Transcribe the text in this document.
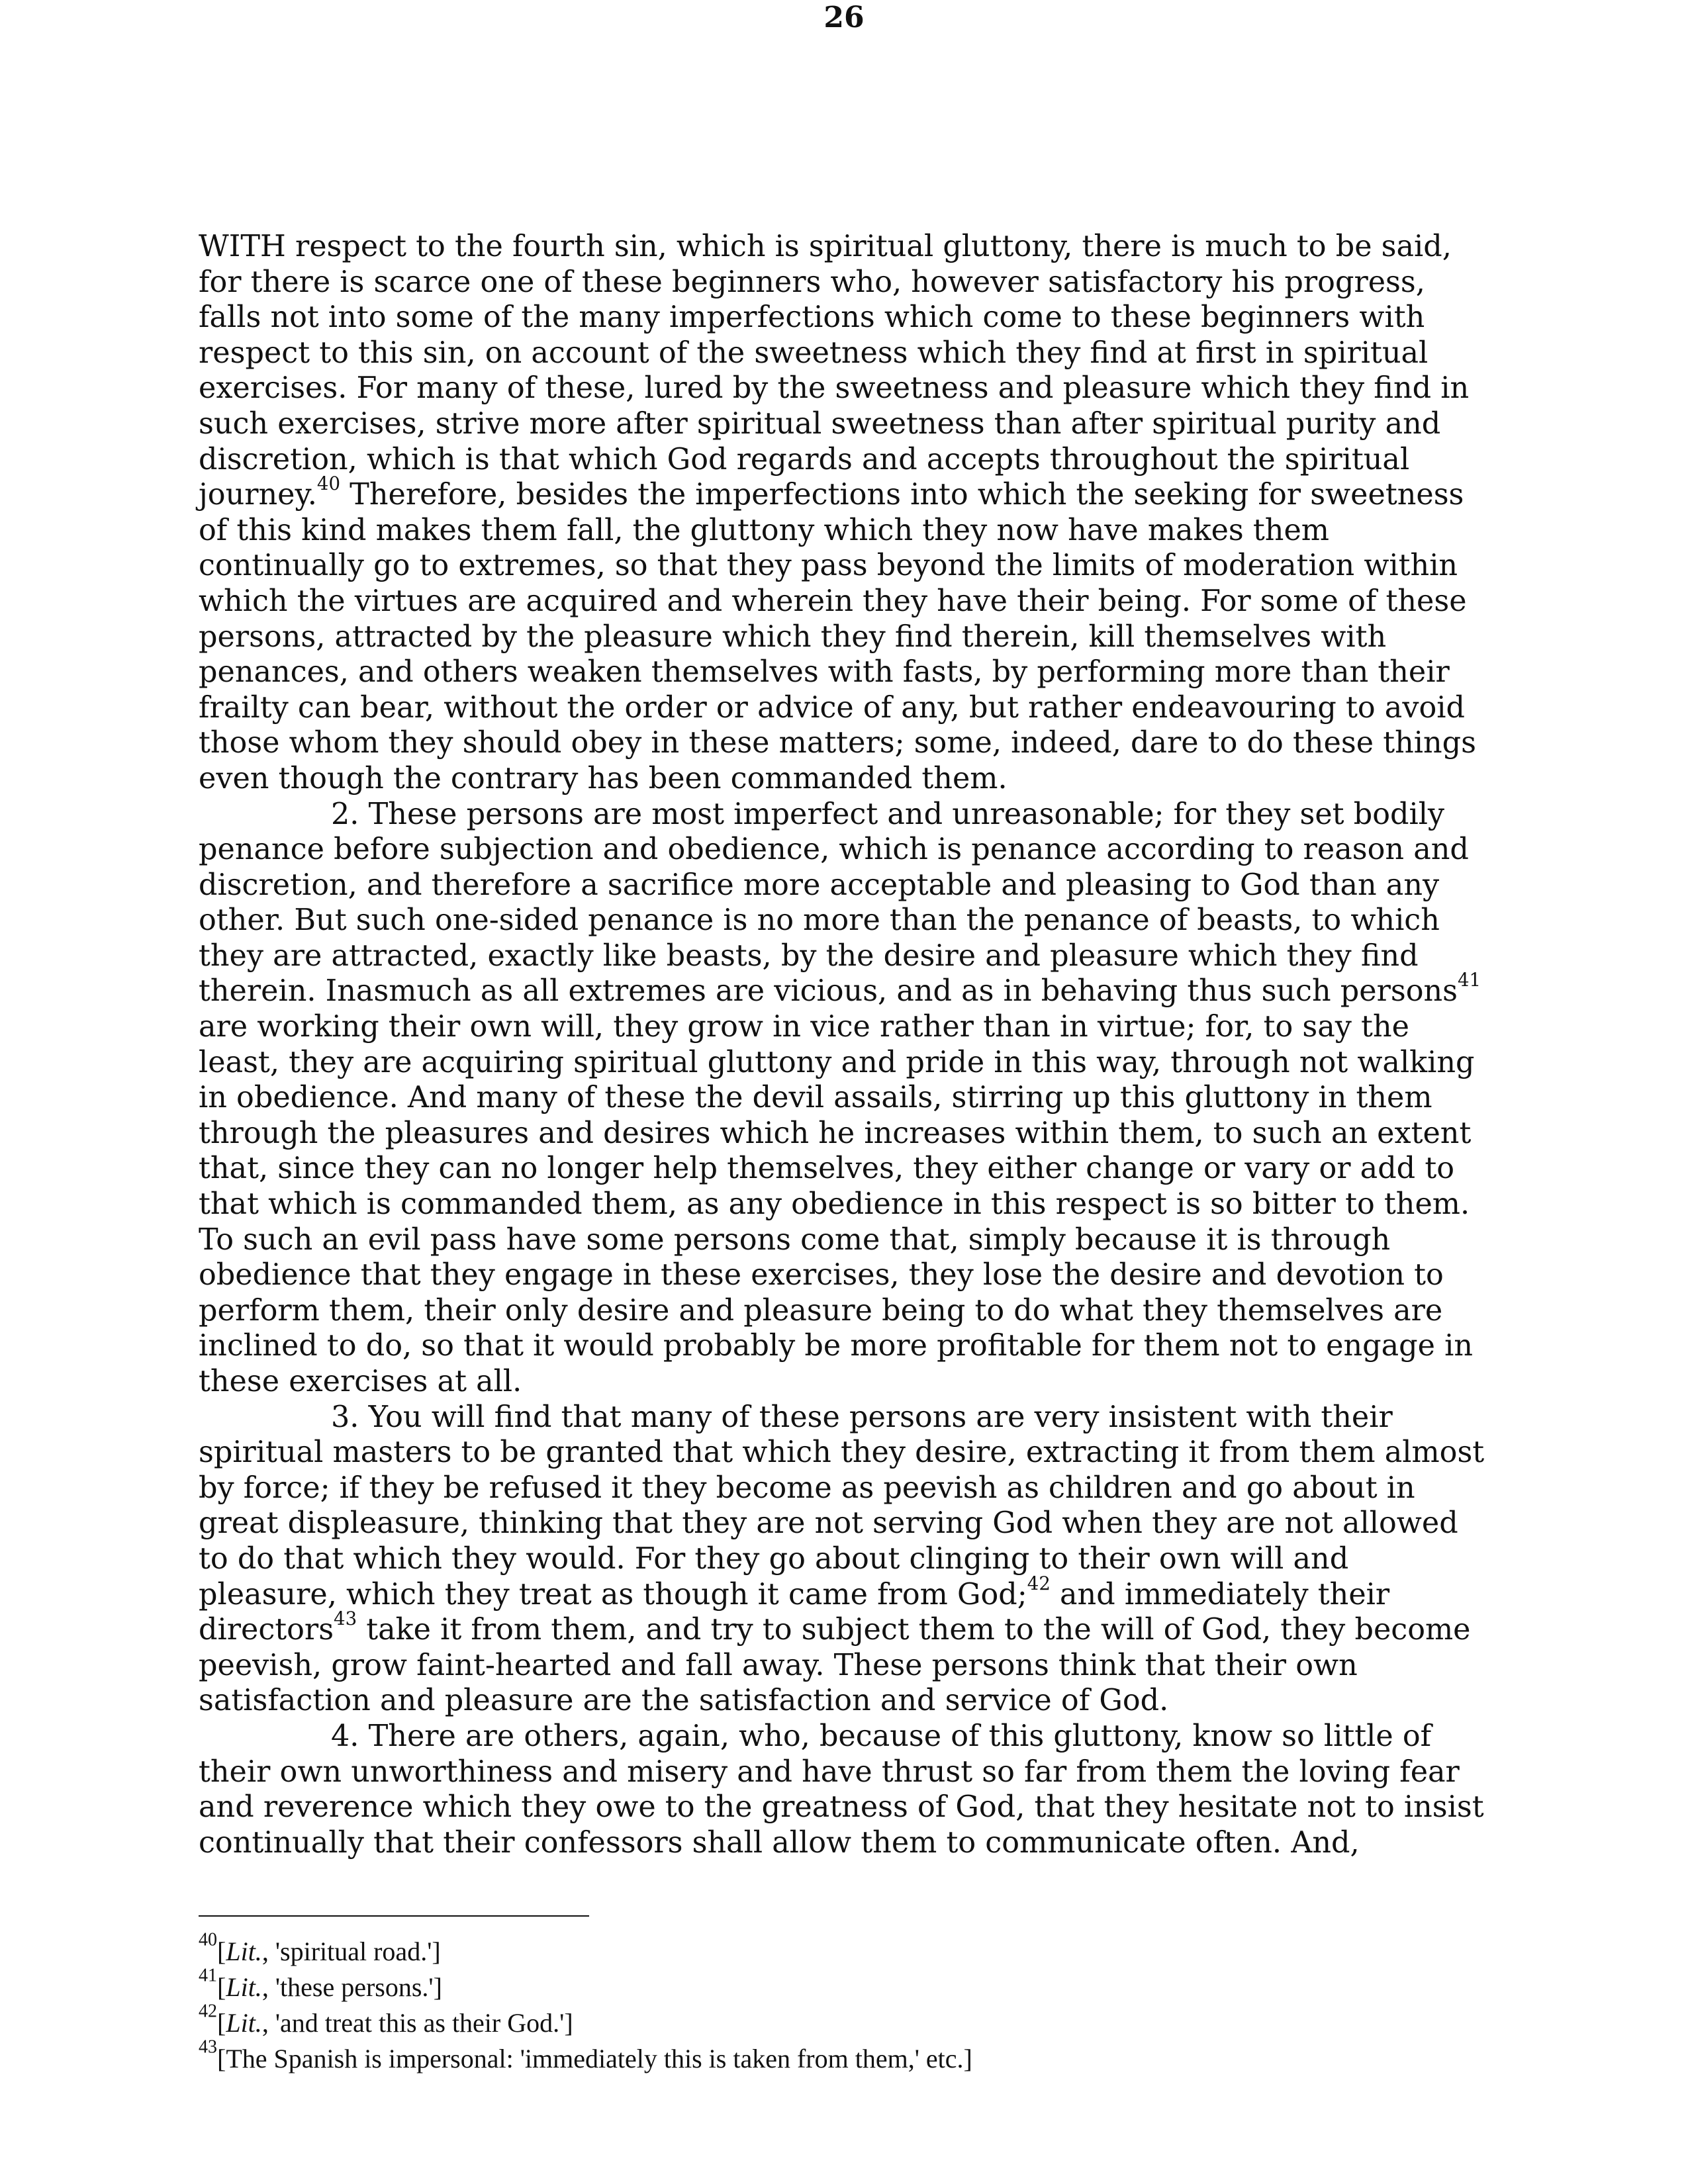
26

WITH respect to the fourth sin, which is spiritual gluttony, there is much to be said, for there is scarce one of these beginners who, however satisfactory his progress, falls not into some of the many imperfections which come to these beginners with respect to this sin, on account of the sweetness which they find at first in spiritual exercises. For many of these, lured by the sweetness and pleasure which they find in such exercises, strive more after spiritual sweetness than after spiritual purity and discretion, which is that which God regards and accepts throughout the spiritual journey.$^{40}$ Therefore, besides the imperfections into which the seeking for sweetness of this kind makes them fall, the gluttony which they now have makes them continually go to extremes, so that they pass beyond the limits of moderation within which the virtues are acquired and wherein they have their being. For some of these persons, attracted by the pleasure which they find therein, kill themselves with penances, and others weaken themselves with fasts, by performing more than their frailty can bear, without the order or advice of any, but rather endeavouring to avoid those whom they should obey in these matters; some, indeed, dare to do these things even though the contrary has been commanded them.

2. These persons are most imperfect and unreasonable; for they set bodily penance before subjection and obedience, which is penance according to reason and discretion, and therefore a sacrifice more acceptable and pleasing to God than any other. But such one-sided penance is no more than the penance of beasts, to which they are attracted, exactly like beasts, by the desire and pleasure which they find therein. Inasmuch as all extremes are vicious, and as in behaving thus such persons$^{41}$ are working their own will, they grow in vice rather than in virtue; for, to say the least, they are acquiring spiritual gluttony and pride in this way, through not walking in obedience. And many of these the devil assails, stirring up this gluttony in them through the pleasures and desires which he increases within them, to such an extent that, since they can no longer help themselves, they either change or vary or add to that which is commanded them, as any obedience in this respect is so bitter to them. To such an evil pass have some persons come that, simply because it is through obedience that they engage in these exercises, they lose the desire and devotion to perform them, their only desire and pleasure being to do what they themselves are inclined to do, so that it would probably be more profitable for them not to engage in these exercises at all.

3. You will find that many of these persons are very insistent with their spiritual masters to be granted that which they desire, extracting it from them almost by force; if they be refused it they become as peevish as children and go about in great displeasure, thinking that they are not serving God when they are not allowed to do that which they would. For they go about clinging to their own will and pleasure, which they treat as though it came from God;$^{42}$ and immediately their directors$^{43}$ take it from them, and try to subject them to the will of God, they become peevish, grow faint-hearted and fall away. These persons think that their own satisfaction and pleasure are the satisfaction and service of God.

4. There are others, again, who, because of this gluttony, know so little of their own unworthiness and misery and have thrust so far from them the loving fear and reverence which they owe to the greatness of God, that they hesitate not to insist continually that their confessors shall allow them to communicate often. And,

$^{40}$[Lit., 'spiritual road.']

$^{41}$[Lit., 'these persons.']

$^{42}$[Lit., 'and treat this as their God.']

$^{43}$[The Spanish is impersonal: 'immediately this is taken from them,' etc.]
